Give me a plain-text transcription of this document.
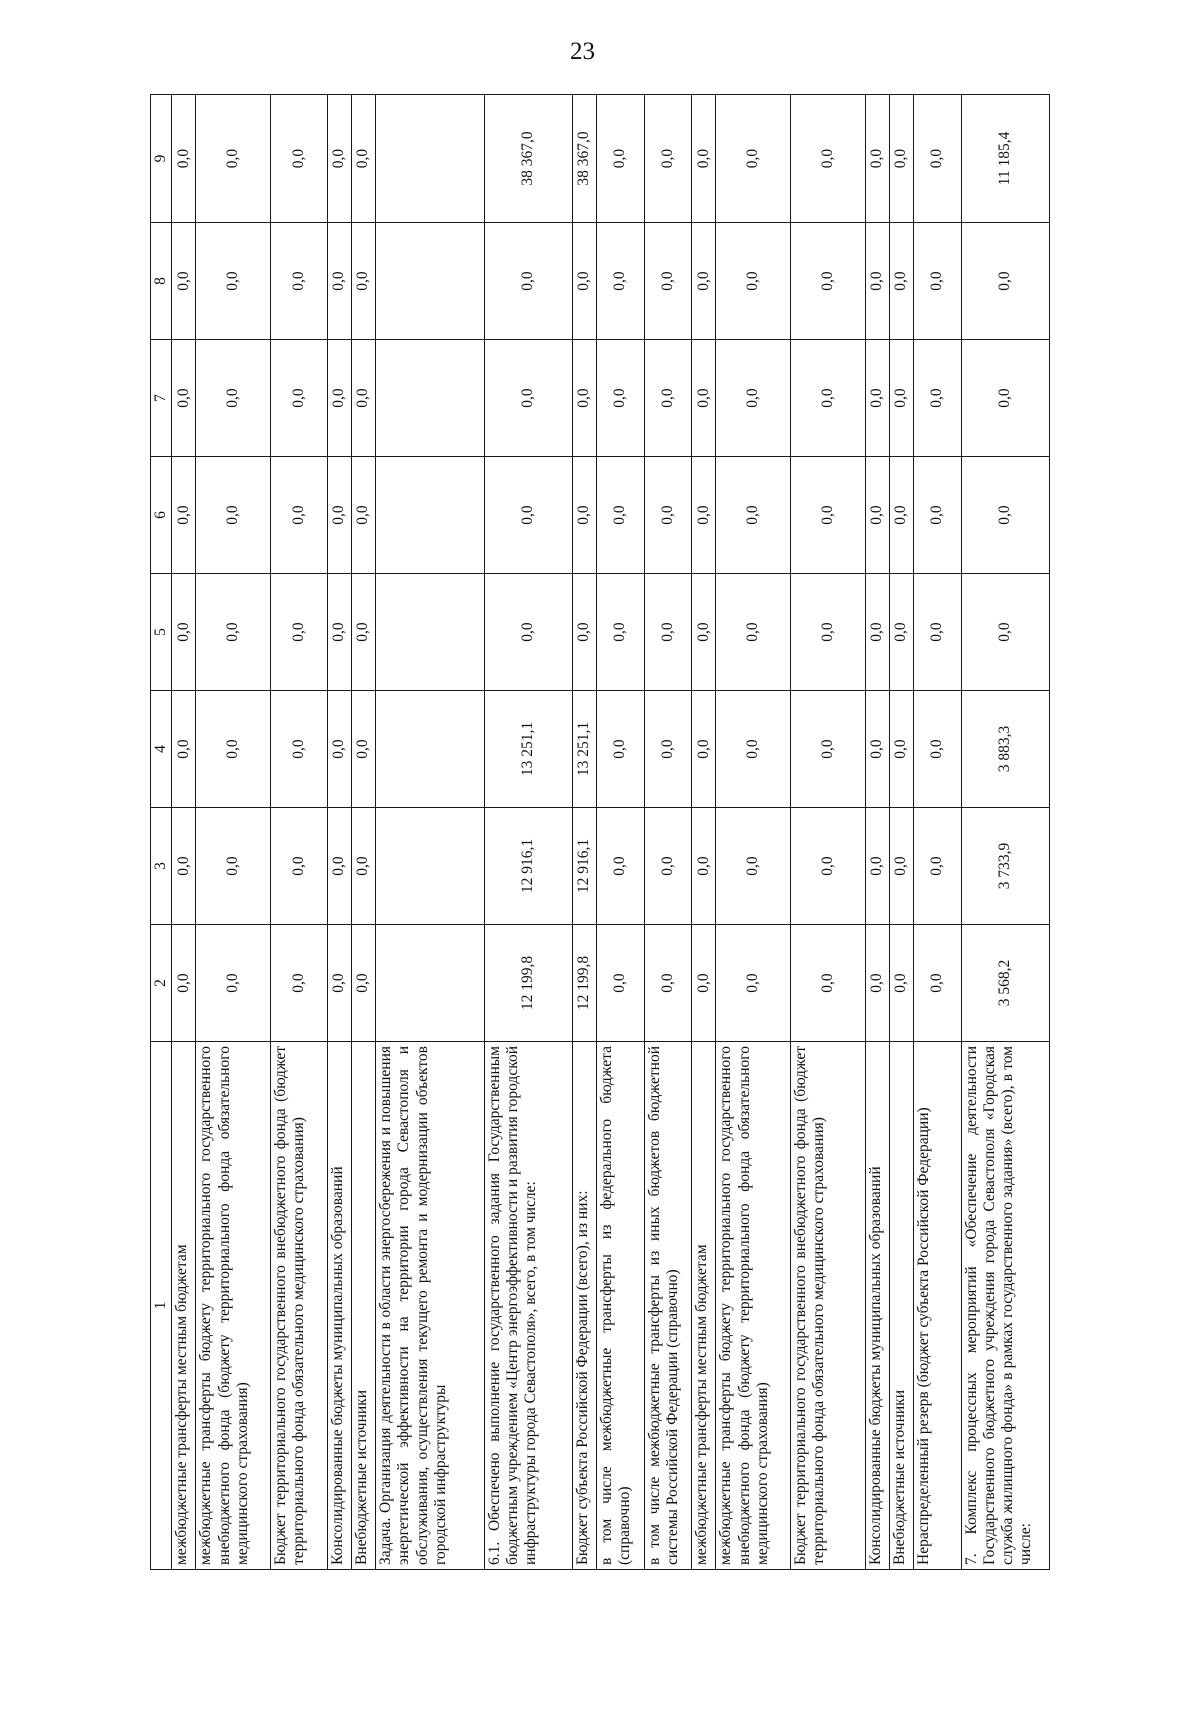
23
1	2	3	4	5	6	7	8	9
межбюджетные трансферты местным бюджетам	0,0	0,0	0,0	0,0	0,0	0,0	0,0	0,0
межбюджетные трансферты бюджету территориального государственного внебюджетного фонда (бюджету территориального фонда обязательного медицинского страхования)	0,0	0,0	0,0	0,0	0,0	0,0	0,0	0,0
Бюджет территориального государственного внебюджетного фонда (бюджет территориального фонда обязательного медицинского страхования)	0,0	0,0	0,0	0,0	0,0	0,0	0,0	0,0
Консолидированные бюджеты муниципальных образований	0,0	0,0	0,0	0,0	0,0	0,0	0,0	0,0
Внебюджетные источники	0,0	0,0	0,0	0,0	0,0	0,0	0,0	0,0
Задача. Организация деятельности в области энергосбережения и повышения энергетической эффективности на территории города Севастополя и обслуживания, осуществления текущего ремонта и модернизации объектов городской инфраструктуры								
6.1. Обеспечено выполнение государственного задания Государственным бюджетным учреждением «Центр энергоэффективности и развития городской инфраструктуры города Севастополя», всего, в том числе:	12 199,8	12 916,1	13 251,1	0,0	0,0	0,0	0,0	38 367,0
Бюджет субъекта Российской Федерации (всего), из них:	12 199,8	12 916,1	13 251,1	0,0	0,0	0,0	0,0	38 367,0
в том числе межбюджетные трансферты из федерального бюджета (справочно)	0,0	0,0	0,0	0,0	0,0	0,0	0,0	0,0
в том числе межбюджетные трансферты из иных бюджетов бюджетной системы Российской Федерации (справочно)	0,0	0,0	0,0	0,0	0,0	0,0	0,0	0,0
межбюджетные трансферты местным бюджетам	0,0	0,0	0,0	0,0	0,0	0,0	0,0	0,0
межбюджетные трансферты бюджету территориального государственного внебюджетного фонда (бюджету территориального фонда обязательного медицинского страхования)	0,0	0,0	0,0	0,0	0,0	0,0	0,0	0,0
Бюджет территориального государственного внебюджетного фонда (бюджет территориального фонда обязательного медицинского страхования)	0,0	0,0	0,0	0,0	0,0	0,0	0,0	0,0
Консолидированные бюджеты муниципальных образований	0,0	0,0	0,0	0,0	0,0	0,0	0,0	0,0
Внебюджетные источники	0,0	0,0	0,0	0,0	0,0	0,0	0,0	0,0
Нераспределенный резерв (бюджет субъекта Российской Федерации)	0,0	0,0	0,0	0,0	0,0	0,0	0,0	0,0
7. Комплекс процессных мероприятий «Обеспечение деятельности Государственного бюджетного учреждения города Севастополя «Городская служба жилищного фонда» в рамках государственного задания» (всего), в том числе:	3 568,2	3 733,9	3 883,3	0,0	0,0	0,0	0,0	11 185,4
